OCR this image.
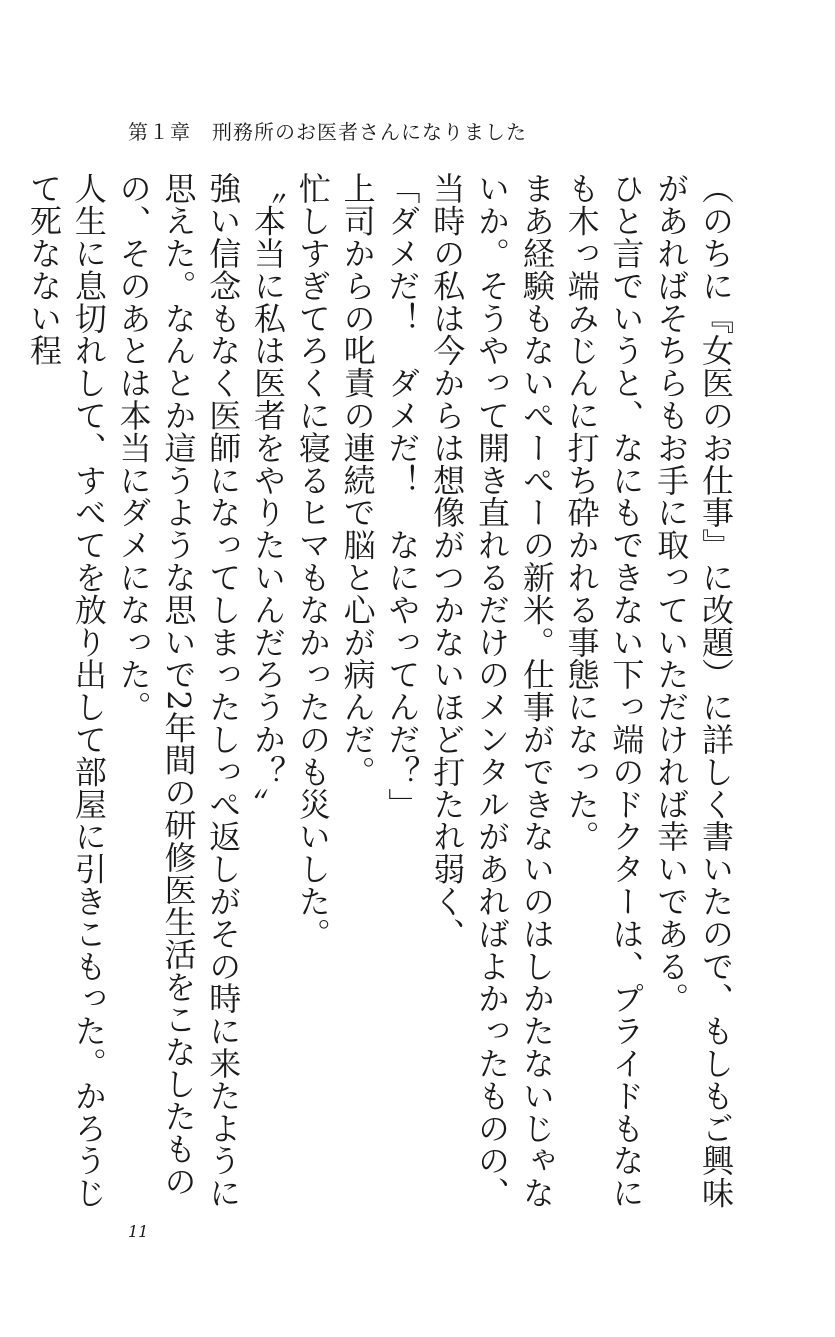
第１章　刑務所のお医者さんになりました
（のちに『女医のお仕事』に改題）に詳しく書いたので、もしもご興味があればそちらもお手に取っていただければ幸いである。
ひと言でいうと、なにもできない下っ端のドクターは、プライドもなにも木っ端みじんに打ち砕かれる事態になった。
まあ経験もないぺーぺーの新米。仕事ができないのはしかたないじゃないか。そうやって開き直れるだけのメンタルがあればよかったものの、当時の私は今からは想像がつかないほど打たれ弱く、
「ダメだ！　ダメだ！　なにやってんだ？」
上司からの叱責の連続で脳と心が病んだ。
忙しすぎてろくに寝るヒマもなかったのも災いした。
〝本当に私は医者をやりたいんだろうか？〟
強い信念もなく医師になってしまったしっぺ返しがその時に来たように思えた。なんとか這うような思いで2年間の研修医生活をこなしたものの、そのあとは本当にダメになった。
人生に息切れして、すべてを放り出して部屋に引きこもった。かろうじて死なない程
11
